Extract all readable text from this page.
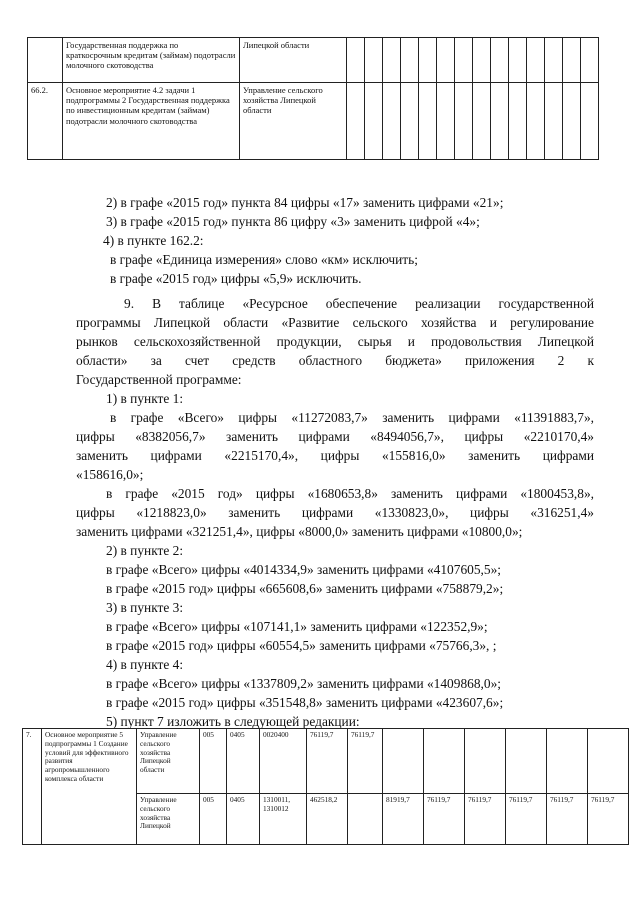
	Государственная поддержка по краткосрочным кредитам (займам) подотрасли молочного скотоводства	Липецкой области														
66.2.	Основное мероприятие 4.2 задачи 1 подпрограммы 2 Государственная поддержка по инвестиционным кредитам (займам) подотрасли молочного скотоводства	Управление сельского хозяйства Липецкой области														
2) в графе «2015 год» пункта 84 цифры «17» заменить цифрами «21»;
3) в графе «2015 год» пункта 86 цифру «3» заменить цифрой «4»;
4) в пункте 162.2:
в графе «Единица измерения» слово «км» исключить;
в графе «2015 год» цифры «5,9» исключить.
9. В таблице «Ресурсное обеспечение реализации государственной
программы Липецкой области «Развитие сельского хозяйства и регулирование
рынков сельскохозяйственной продукции, сырья и продовольствия Липецкой
области» за счет средств областного бюджета» приложения 2 к
Государственной программе:
1) в пункте 1:
в графе «Всего» цифры «11272083,7» заменить цифрами «11391883,7»,
цифры «8382056,7» заменить цифрами «8494056,7», цифры «2210170,4»
заменить цифрами «2215170,4», цифры «155816,0» заменить цифрами
«158616,0»;
в графе «2015 год» цифры «1680653,8» заменить цифрами «1800453,8»,
цифры «1218823,0» заменить цифрами «1330823,0», цифры «316251,4»
заменить цифрами «321251,4», цифры «8000,0» заменить цифрами «10800,0»;
2) в пункте 2:
в графе «Всего» цифры «4014334,9» заменить цифрами «4107605,5»;
в графе «2015 год» цифры «665608,6» заменить цифрами «758879,2»;
3) в пункте 3:
в графе «Всего» цифры «107141,1» заменить цифрами «122352,9»;
в графе «2015 год» цифры «60554,5» заменить цифрами «75766,3», ;
4) в пункте 4:
в графе «Всего» цифры «1337809,2» заменить цифрами «1409868,0»;
в графе «2015 год» цифры «351548,8» заменить цифрами «423607,6»;
5) пункт 7 изложить в следующей редакции:
7.	Основное мероприятие 5 подпрограммы 1 Создание условий для эффективного развития агропромышленного комплекса области	Управление сельского хозяйства Липецкой области	005	0405	0020400	76119,7	76119,7						
		Управление сельского хозяйства Липецкой	005	0405	1310011, 1310012	462518,2		81919,7	76119,7	76119,7	76119,7	76119,7	76119,7
